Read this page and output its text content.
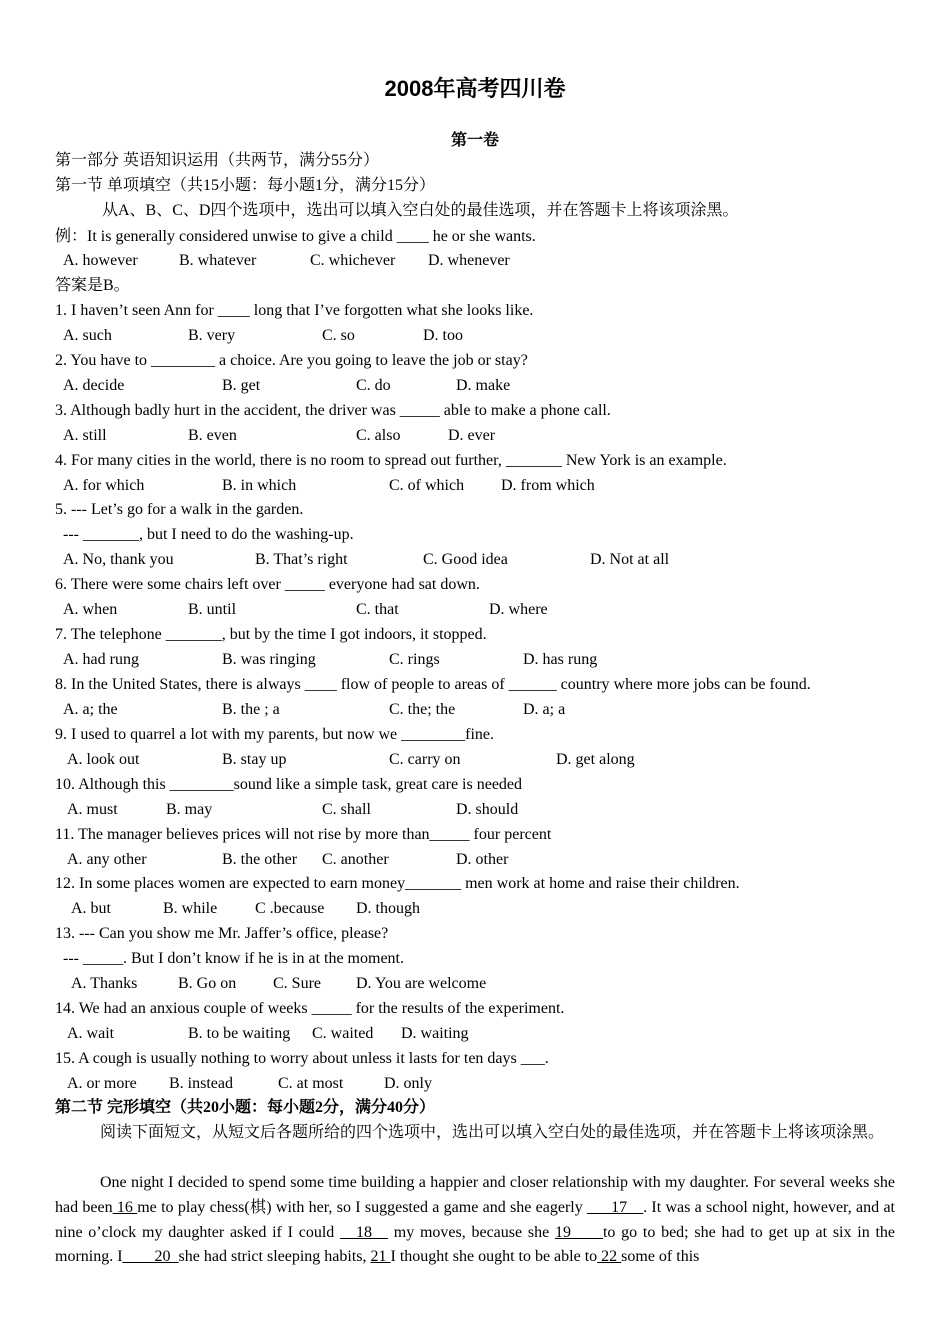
2008年高考四川卷
第一卷
第一部分 英语知识运用（共两节，满分55分）
第一节 单项填空（共15小题：每小题1分，满分15分）
从A、B、C、D四个选项中，选出可以填入空白处的最佳选项，并在答题卡上将该项涂黑。
例：It is generally considered unwise to give a child ____ he or she wants.
A. however	B. whatever	C. whichever D. whenever
答案是B。
1. I haven’t seen Ann for ____ long that I’ve forgotten what she looks like.
A. such	B. very	C. so	D. too
2. You have to ________ a choice. Are you going to leave the job or stay?
A. decide	B. get	C. do	D. make
3. Although badly hurt in the accident, the driver was _____ able to make a phone call.
A. still	B. even	C. also	D. ever
4. For many cities in the world, there is no room to spread out further, _______ New York is an example.
A. for which	B. in which	C. of which D. from which
5. --- Let’s go for a walk in the garden.
--- _______, but I need to do the washing-up.
A. No, thank you	B. That’s right	C. Good idea	D. Not at all
6. There were some chairs left over _____ everyone had sat down.
A. when	B. until	C. that	D. where
7. The telephone _______, but by the time I got indoors, it stopped.
A. had rung	B. was ringing	C. rings	D. has rung
8. In the United States, there is always ____ flow of people to areas of ______ country where more jobs can be found.
A. a; the	B. the ; a	C. the; the	D. a; a
9. I used to quarrel a lot with my parents, but now we ________fine.
A. look out	B. stay up	C. carry on	D. get along
10. Although this ________sound like a simple task, great care is needed
A. must	B. may	C. shall	D. should
11. The manager believes prices will not rise by more than_____ four percent
A. any other	B. the other C. another	D. other
12. In some places women are expected to earn money_______ men work at home and raise their children.
A. but	B. while C .because D. though
13. --- Can you show me Mr. Jaffer’s office, please?
--- _____. But I don’t know if he is in at the moment.
A. Thanks	B. Go on C. Sure D. You are welcome
14. We had an anxious couple of weeks _____ for the results of the experiment.
A. wait	B. to be waiting C. waited D. waiting
15. A cough is usually nothing to worry about unless it lasts for ten days ___.
A. or more B. instead	C. at most	D. only
第二节 完形填空（共20小题：每小题2分，满分40分）
阅读下面短文，从短文后各题所给的四个选项中，选出可以填入空白处的最佳选项，并在答题卡上将该项涂黑。
One night I decided to spend some time building a happier and closer relationship with my daughter. For several weeks she had been 16 me to play chess(棋) with her, so I suggested a game and she eagerly ___17__. It was a school night, however, and at nine o’clock my daughter asked if I could __18__ my moves, because she 19____to go to bed; she had to get up at six in the morning. I____20_she had strict sleeping habits, 21 I thought she ought to be able to 22 some of this
